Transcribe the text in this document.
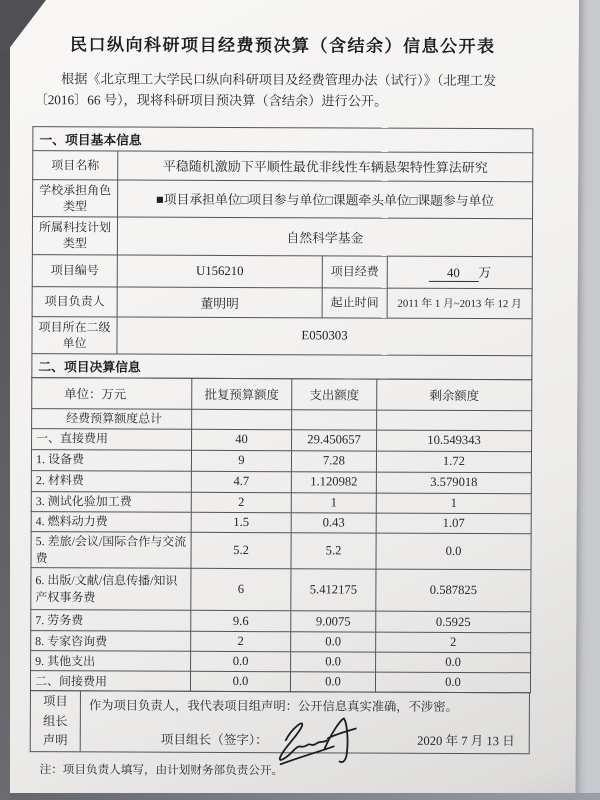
民口纵向科研项目经费预决算（含结余）信息公开表
根据《北京理工大学民口纵向科研项目及经费管理办法（试行）》（北理工发〔2016〕66 号），现将科研项目预决算（含结余）进行公开。
一、项目基本信息			
项目名称	平稳随机激励下平顺性最优非线性车辆悬架特性算法研究		
学校承担角色类型	■项目承担单位□项目参与单位□课题牵头单位□课题参与单位		
所属科技计划类型	自然科学基金		
项目编号	U156210	项目经费	40 万
项目负责人	董明明	起止时间	2011 年 1 月~2013 年 12 月
项目所在二级单位	E050303		
二、项目决算信息			
单位：万元	批复预算额度	支出额度	剩余额度
经费预算额度总计			
一、直接费用	40	29.450657	10.549343
1. 设备费	9	7.28	1.72
2. 材料费	4.7	1.120982	3.579018
3. 测试化验加工费	2	1	1
4. 燃料动力费	1.5	0.43	1.07
5. 差旅/会议/国际合作与交流费	5.2	5.2	0.0
6. 出版/文献/信息传播/知识产权事务费	6	5.412175	0.587825
7. 劳务费	9.6	9.0075	0.5925
8. 专家咨询费	2	0.0	2
9. 其他支出	0.0	0.0	0.0
二、间接费用	0.0	0.0	0.0
项目组长声明
作为项目负责人，我代表项目组声明：公开信息真实准确，不涉密。
项目组长（签字）：	2020 年 7 月 13 日
注：项目负责人填写，由计划财务部负责公开。
